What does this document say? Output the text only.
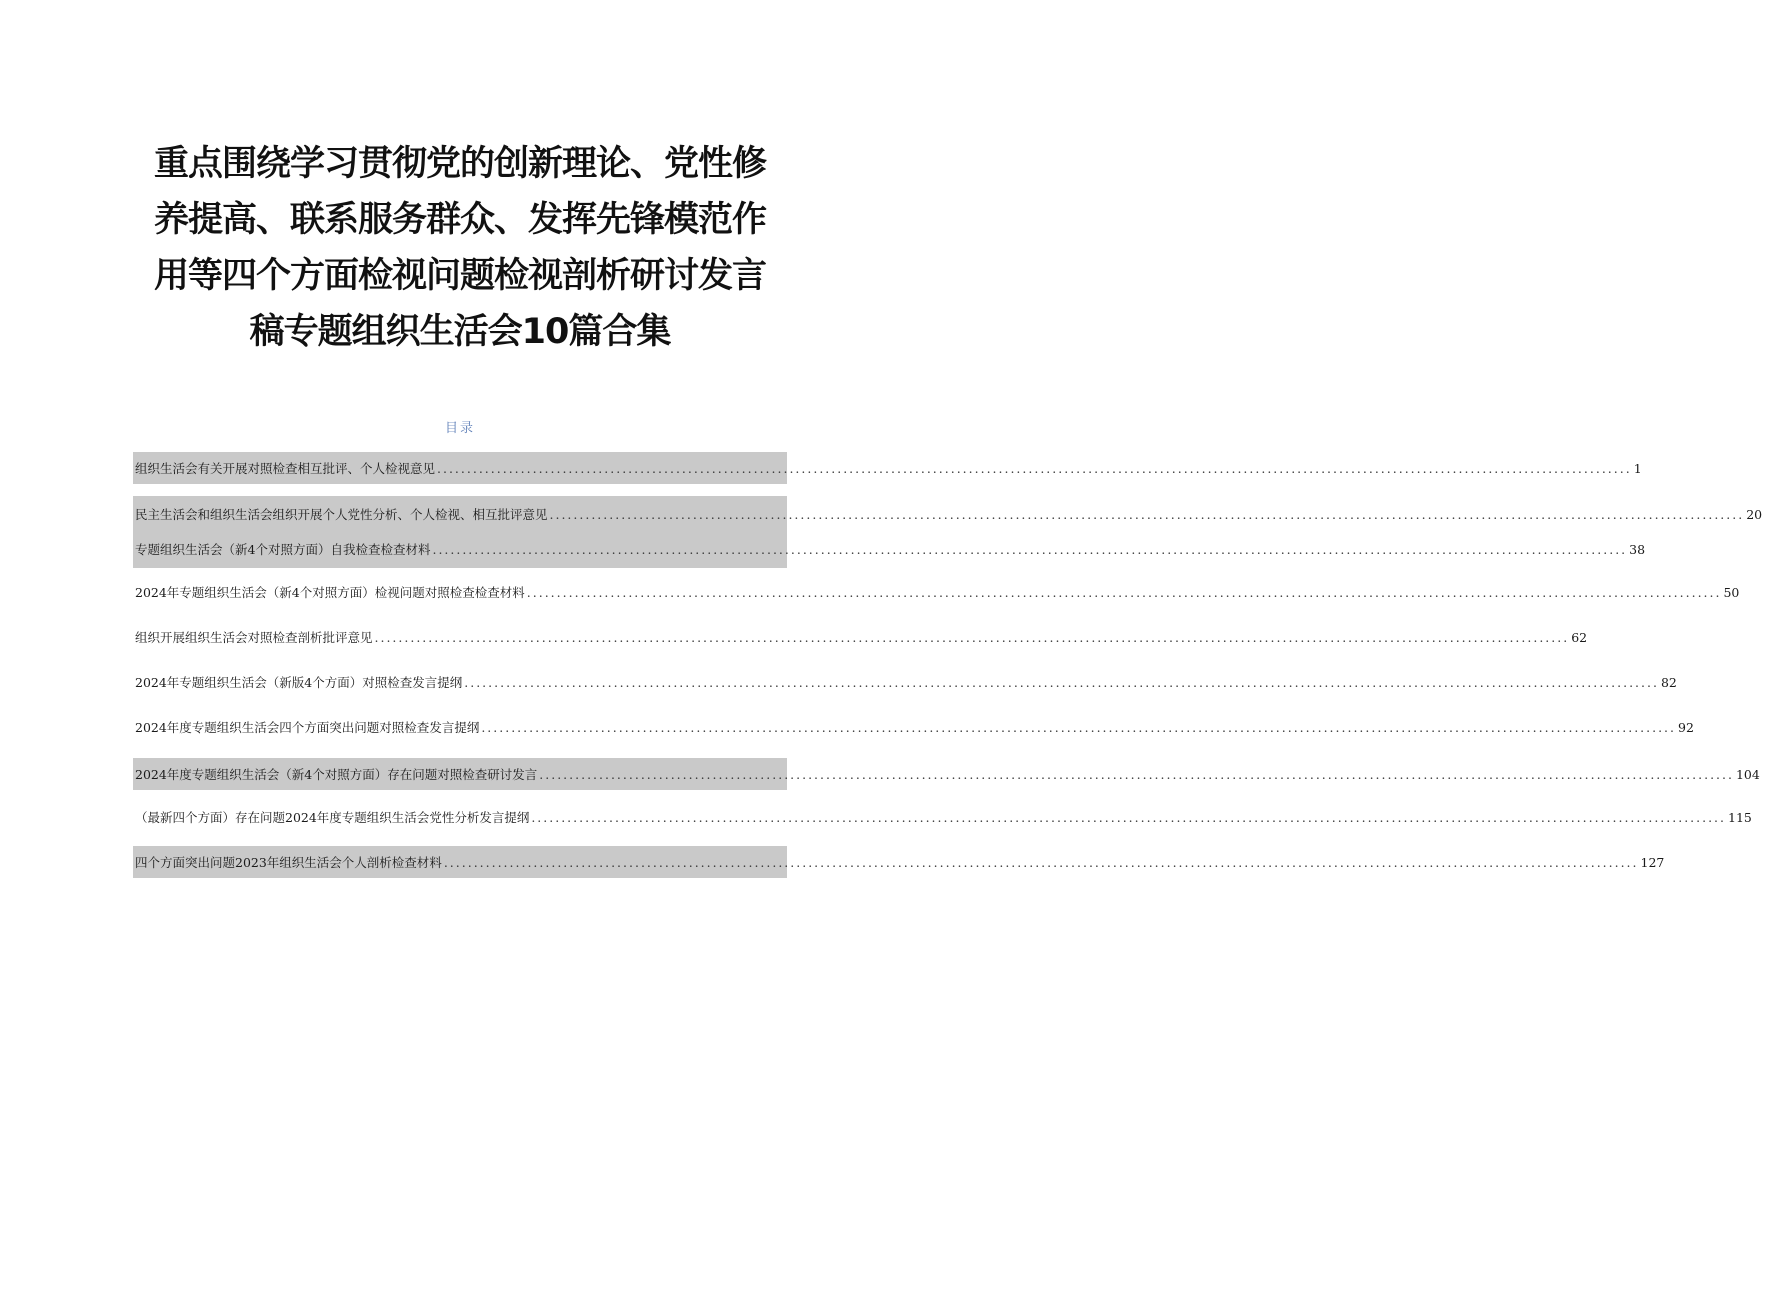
重点围绕学习贯彻党的创新理论、党性修
养提高、联系服务群众、发挥先锋模范作
用等四个方面检视问题检视剖析研讨发言
稿专题组织生活会10篇合集
目录
组织生活会有关开展对照检查相互批评、个人检视意见 ........................................................................................................................................................................................................ 1
民主生活会和组织生活会组织开展个人党性分析、个人检视、相互批评意见 ........................................................................................................................................................................................................ 20
专题组织生活会（新4个对照方面）自我检查检查材料 ........................................................................................................................................................................................................ 38
2024年专题组织生活会（新4个对照方面）检视问题对照检查检查材料 ........................................................................................................................................................................................................ 50
组织开展组织生活会对照检查剖析批评意见 ........................................................................................................................................................................................................ 62
2024年专题组织生活会（新版4个方面）对照检查发言提纲 ........................................................................................................................................................................................................ 82
2024年度专题组织生活会四个方面突出问题对照检查发言提纲 ........................................................................................................................................................................................................ 92
2024年度专题组织生活会（新4个对照方面）存在问题对照检查研讨发言 ........................................................................................................................................................................................................ 104
（最新四个方面）存在问题2024年度专题组织生活会党性分析发言提纲 ........................................................................................................................................................................................................ 115
四个方面突出问题2023年组织生活会个人剖析检查材料 ........................................................................................................................................................................................................ 127
